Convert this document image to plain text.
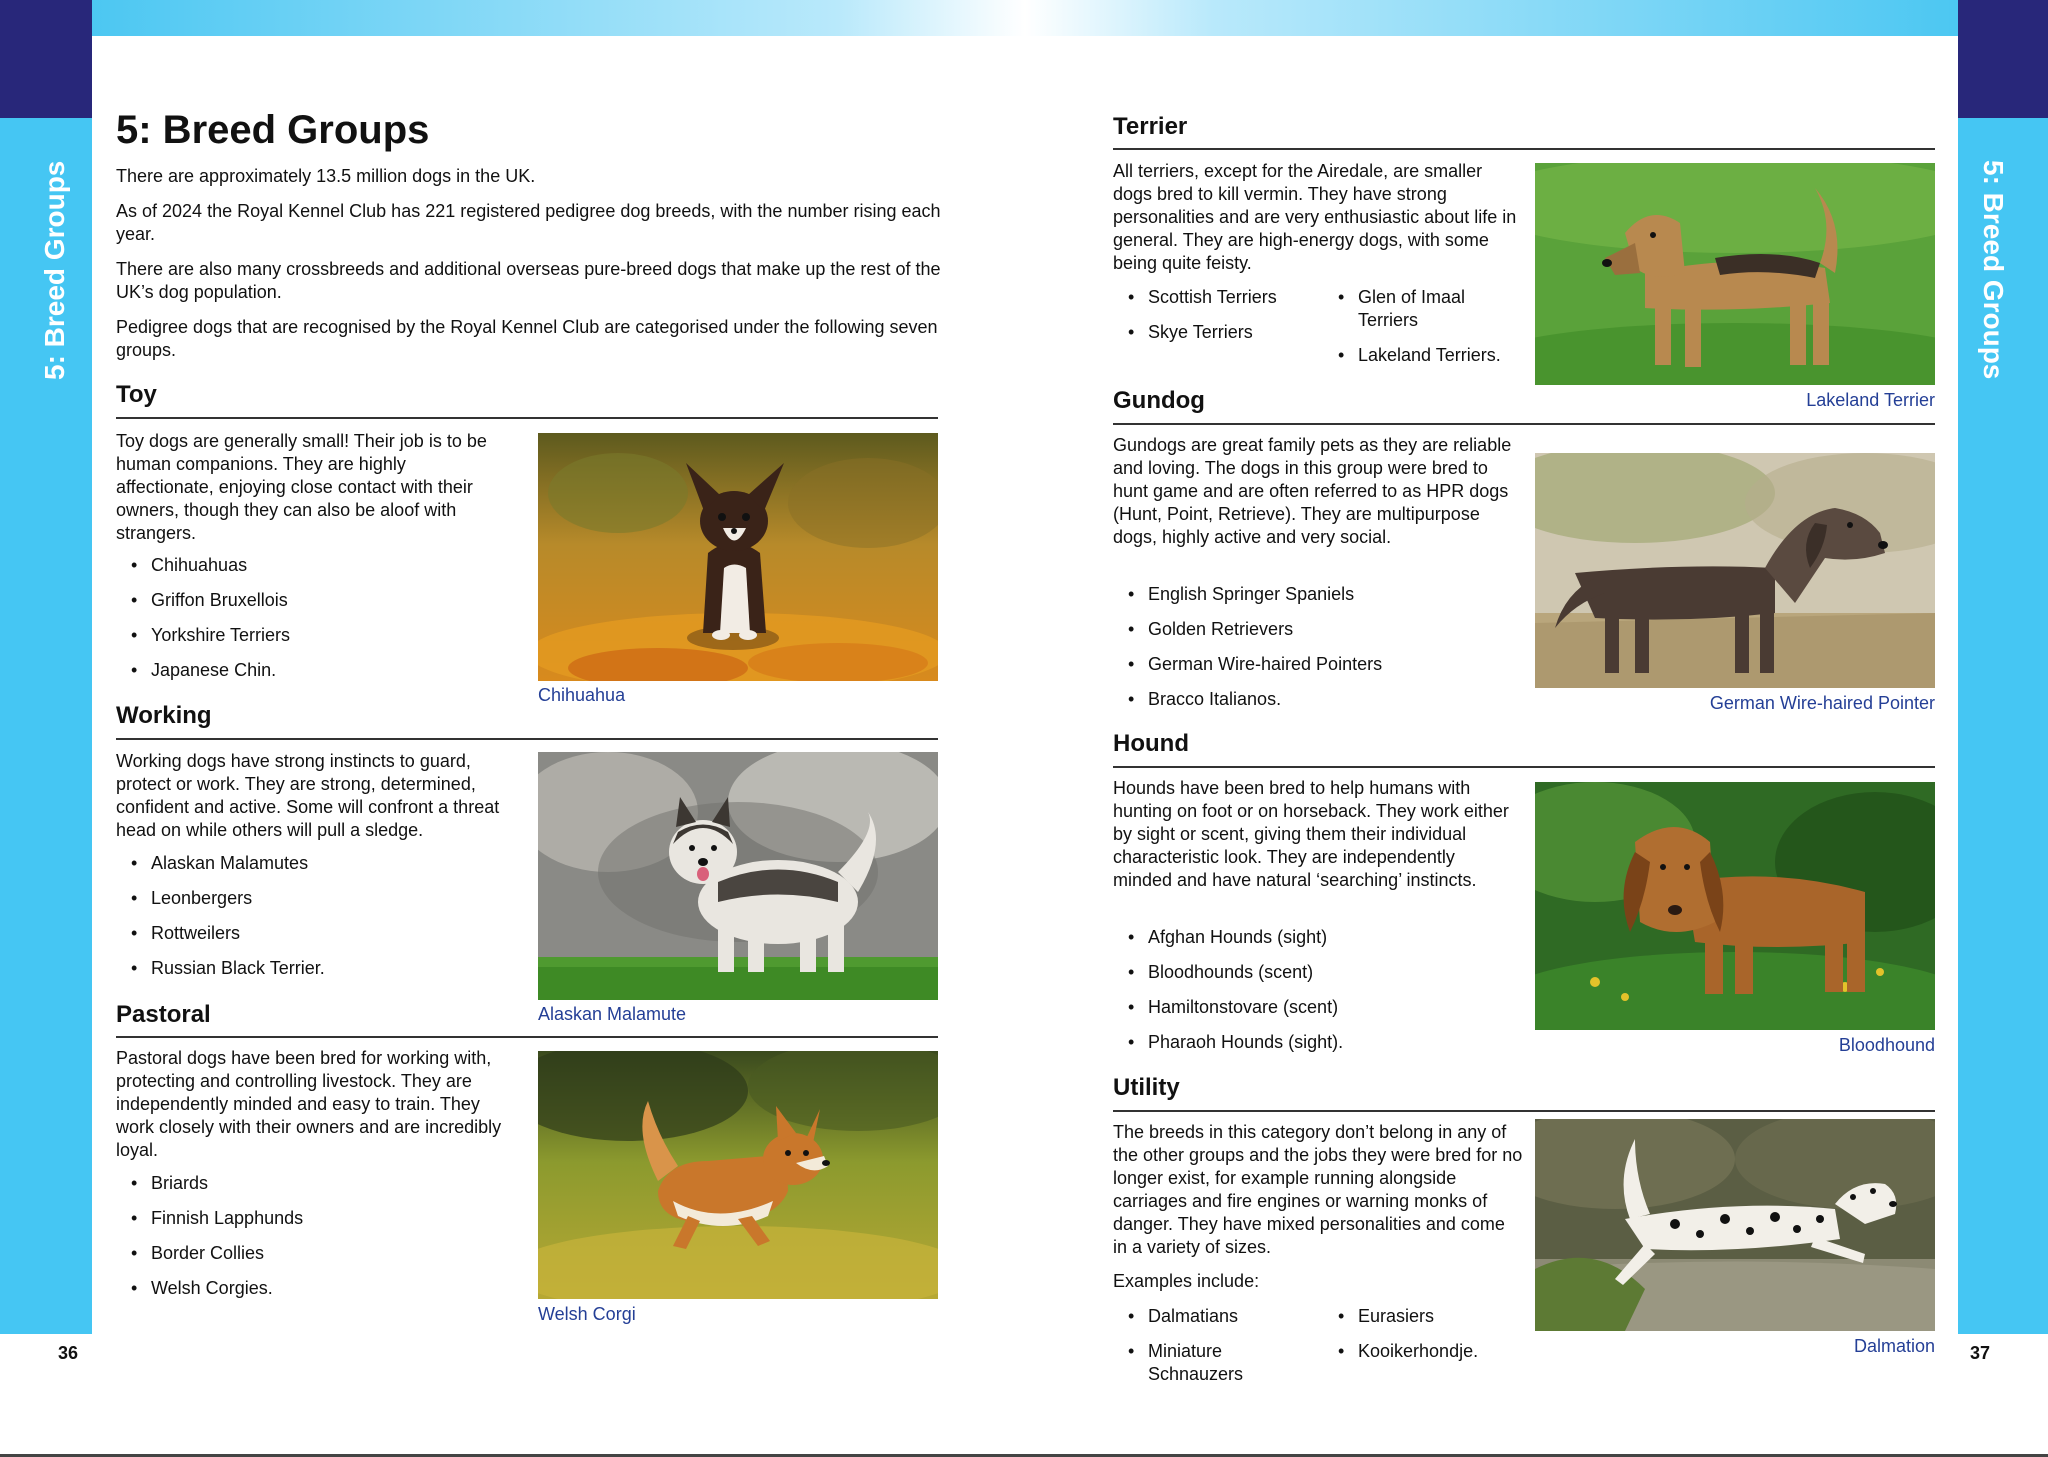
5: Breed Groups	5: Breed Groups
36	37
5: Breed Groups
There are approximately 13.5 million dogs in the UK.
As of 2024 the Royal Kennel Club has 221 registered pedigree dog breeds, with the number rising each year.
There are also many crossbreeds and additional overseas pure-breed dogs that make up the rest of the UK’s dog population.
Pedigree dogs that are recognised by the Royal Kennel Club are categorised under the following seven groups.
Toy
Toy dogs are generally small! Their job is to be human companions. They are highly affectionate, enjoying close contact with their owners, though they can also be aloof with strangers.
• Chihuahuas
• Griffon Bruxellois
• Yorkshire Terriers
• Japanese Chin.
Chihuahua
Working
Working dogs have strong instincts to guard, protect or work. They are strong, determined, confident and active. Some will confront a threat head on while others will pull a sledge.
• Alaskan Malamutes
• Leonbergers
• Rottweilers
• Russian Black Terrier.
Alaskan Malamute
Pastoral
Pastoral dogs have been bred for working with, protecting and controlling livestock. They are independently minded and easy to train. They work closely with their owners and are incredibly loyal.
• Briards
• Finnish Lapphunds
• Border Collies
• Welsh Corgies.
Welsh Corgi
Terrier
All terriers, except for the Airedale, are smaller dogs bred to kill vermin. They have strong personalities and are very enthusiastic about life in general. They are high-energy dogs, with some being quite feisty.
• Scottish Terriers
• Skye Terriers
• Glen of Imaal Terriers
• Lakeland Terriers.
Lakeland Terrier
Gundog
Gundogs are great family pets as they are reliable and loving. The dogs in this group were bred to hunt game and are often referred to as HPR dogs (Hunt, Point, Retrieve). They are multipurpose dogs, highly active and very social.
• English Springer Spaniels
• Golden Retrievers
• German Wire-haired Pointers
• Bracco Italianos.	German Wire-haired Pointer
Hound
Hounds have been bred to help humans with hunting on foot or on horseback. They work either by sight or scent, giving them their individual characteristic look. They are independently minded and have natural ‘searching’ instincts.
• Afghan Hounds (sight)
• Bloodhounds (scent)
• Hamiltonstovare (scent)
• Pharaoh Hounds (sight).	Bloodhound
Utility
The breeds in this category don’t belong in any of the other groups and the jobs they were bred for no longer exist, for example running alongside carriages and fire engines or warning monks of danger. They have mixed personalities and come in a variety of sizes.
Examples include:
• Dalmatians
• Miniature Schnauzers
• Eurasiers
• Kooikerhondje.	Dalmation
